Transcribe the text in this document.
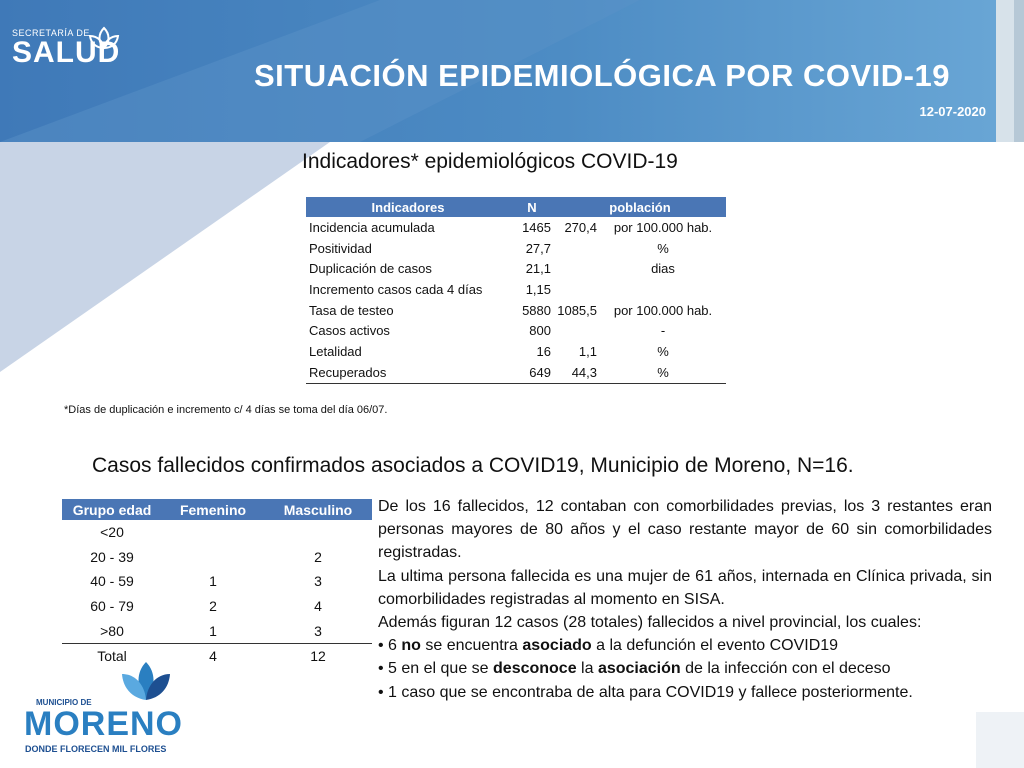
SECRETARÍA DE
SALUD
SITUACIÓN EPIDEMIOLÓGICA POR COVID-19
12-07-2020
Indicadores* epidemiológicos COVID-19
Indicadores	N	población	
Incidencia acumulada	1465	270,4	por 100.000 hab.
Positividad	27,7		%
Duplicación de casos	21,1		dias
Incremento casos cada 4 días	1,15		
Tasa de testeo	5880	1085,5	por 100.000 hab.
Casos activos	800		-
Letalidad	16	1,1	%
Recuperados	649	44,3	%
*Días de duplicación e incremento c/ 4 días se toma del día 06/07.
Casos fallecidos confirmados asociados a COVID19, Municipio de Moreno, N=16.
Grupo edad	Femenino	Masculino
<20		
20 - 39		2
40 - 59	1	3
60 - 79	2	4
>80	1	3
Total	4	12

De los 16 fallecidos, 12 contaban con comorbilidades previas, los 3 restantes eran personas mayores de 80 años y el caso restante mayor de 60 sin comorbilidades registradas.

La ultima persona fallecida es una mujer de 61 años, internada en Clínica privada, sin comorbilidades registradas al momento en SISA.

Además figuran 12 casos (28 totales) fallecidos a nivel provincial, los cuales:

• 6 no se encuentra asociado a la defunción el evento COVID19

• 5 en el que se desconoce la asociación de la infección con el deceso

• 1 caso que se encontraba de alta para COVID19 y fallece posteriormente.

MUNICIPIO DE
MORENO
DONDE FLORECEN MIL FLORES
